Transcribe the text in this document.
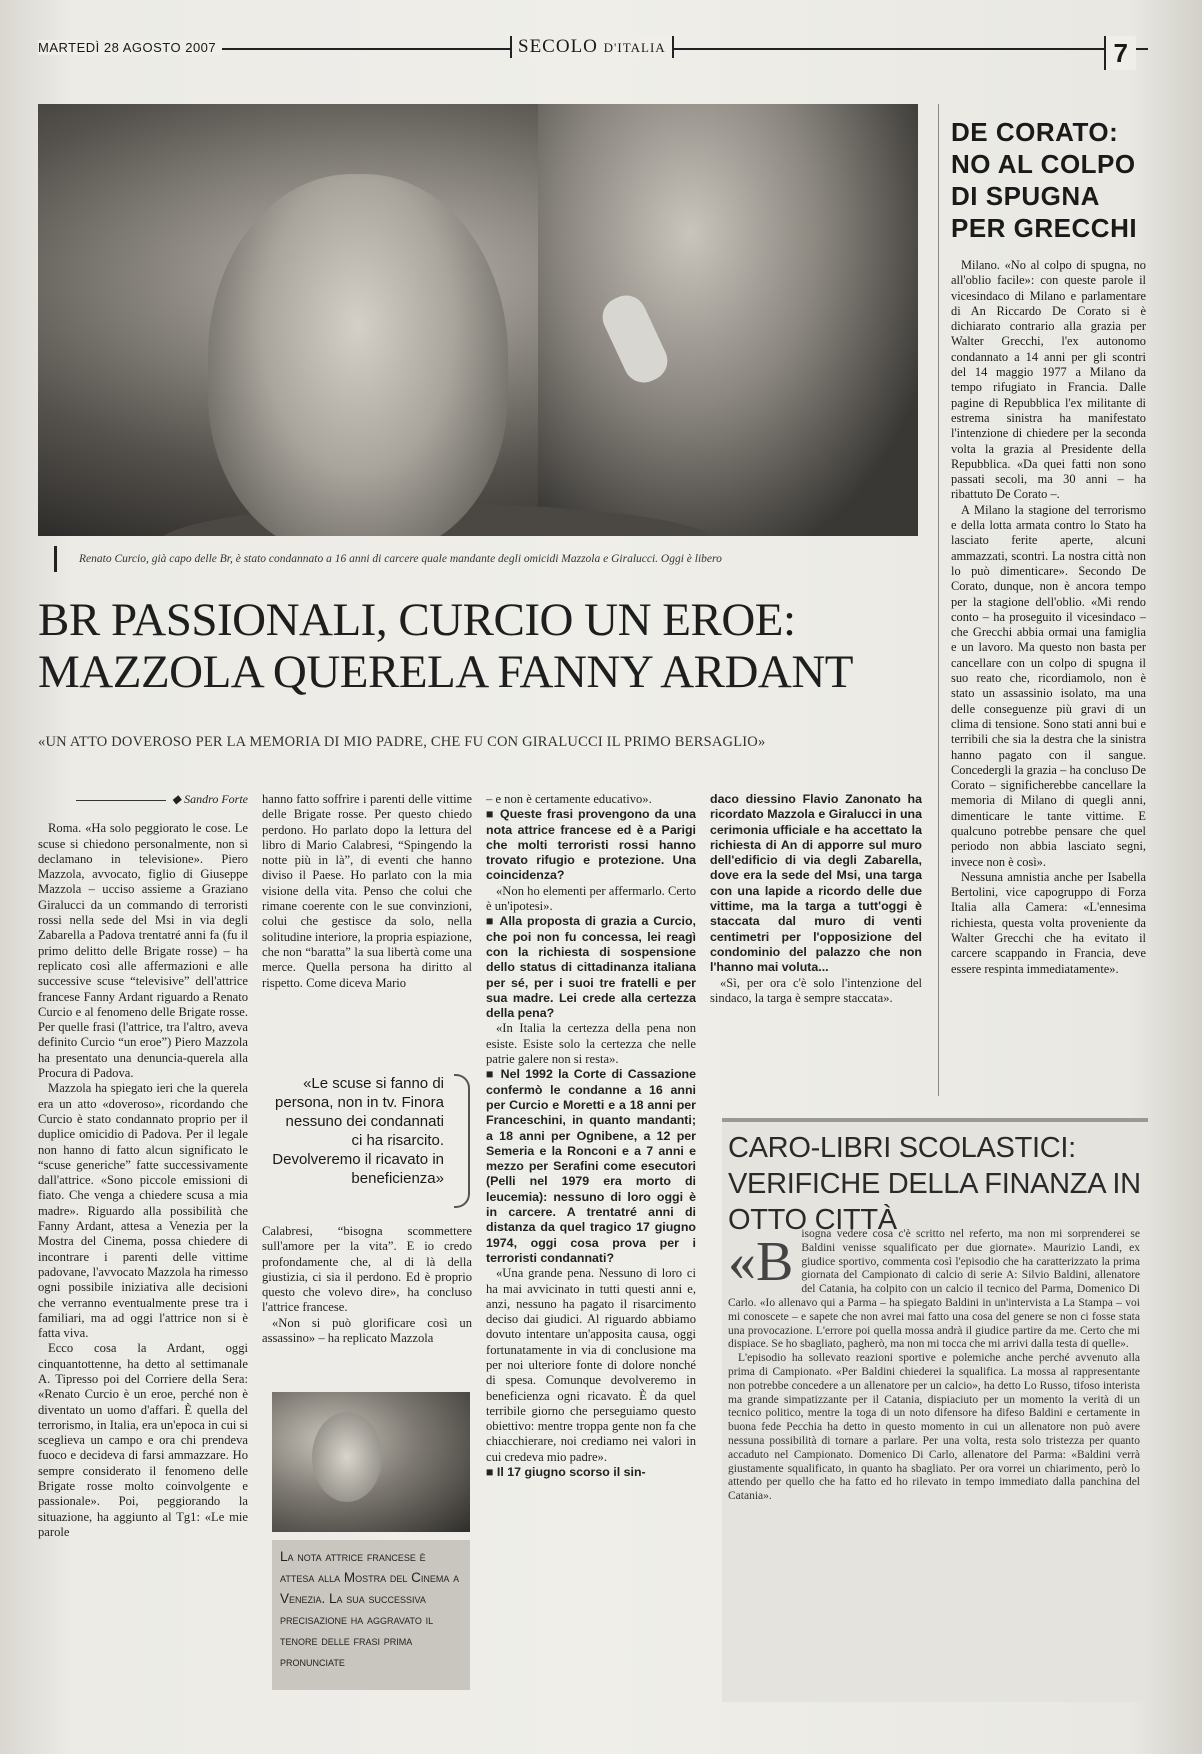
MARTEDÌ 28 AGOSTO 2007	SECOLO D'ITALIA	7
Renato Curcio, già capo delle Br, è stato condannato a 16 anni di carcere quale mandante degli omicidi Mazzola e Giralucci. Oggi è libero
BR PASSIONALI, CURCIO UN EROE:
MAZZOLA QUERELA FANNY ARDANT
«UN ATTO DOVEROSO PER LA MEMORIA DI MIO PADRE, CHE FU CON GIRALUCCI IL PRIMO BERSAGLIO»

◆ Sandro Forte

Roma. «Ha solo peggiorato le cose. Le scuse si chiedono personalmente, non si declamano in televisione». Piero Mazzola, avvocato, figlio di Giuseppe Mazzola – ucciso assieme a Graziano Giralucci da un commando di terroristi rossi nella sede del Msi in via degli Zabarella a Padova trentatré anni fa (fu il primo delitto delle Brigate rosse) – ha replicato così alle affermazioni e alle successive scuse “televisive” dell'attrice francese Fanny Ardant riguardo a Renato Curcio e al fenomeno delle Brigate rosse. Per quelle frasi (l'attrice, tra l'altro, aveva definito Curcio “un eroe”) Piero Mazzola ha presentato una denuncia-querela alla Procura di Padova.

Mazzola ha spiegato ieri che la querela era un atto «doveroso», ricordando che Curcio è stato condannato proprio per il duplice omicidio di Padova. Per il legale non hanno di fatto alcun significato le “scuse generiche” fatte successivamente dall'attrice. «Sono piccole emissioni di fiato. Che venga a chiedere scusa a mia madre». Riguardo alla possibilità che Fanny Ardant, attesa a Venezia per la Mostra del Cinema, possa chiedere di incontrare i parenti delle vittime padovane, l'avvocato Mazzola ha rimesso ogni possibile iniziativa alle decisioni che verranno eventualmente prese tra i familiari, ma ad oggi l'attrice non si è fatta viva.

Ecco cosa la Ardant, oggi cinquantottenne, ha detto al settimanale A. Tipresso poi del Corriere della Sera: «Renato Curcio è un eroe, perché non è diventato un uomo d'affari. È quella del terrorismo, in Italia, era un'epoca in cui si sceglieva un campo e ora chi prendeva fuoco e decideva di farsi ammazzare. Ho sempre considerato il fenomeno delle Brigate rosse molto coinvolgente e passionale». Poi, peggiorando la situazione, ha aggiunto al Tg1: «Le mie parole

hanno fatto soffrire i parenti delle vittime delle Brigate rosse. Per questo chiedo perdono. Ho parlato dopo la lettura del libro di Mario Calabresi, “Spingendo la notte più in là”, di eventi che hanno diviso il Paese. Ho parlato con la mia visione della vita. Penso che colui che rimane coerente con le sue convinzioni, colui che gestisce da solo, nella solitudine interiore, la propria espiazione, che non “baratta” la sua libertà come una merce. Quella persona ha diritto al rispetto. Come diceva Mario

«Le scuse si fanno di persona, non in tv. Finora nessuno dei condannati ci ha risarcito. Devolveremo il ricavato in beneficienza»

Calabresi, “bisogna scommettere sull'amore per la vita”. E io credo profondamente che, al di là della giustizia, ci sia il perdono. Ed è proprio questo che volevo dire», ha concluso l'attrice francese.

«Non si può glorificare così un assassino» – ha replicato Mazzola

La nota attrice francese è attesa alla Mostra del Cinema a Venezia. La sua successiva precisazione ha aggravato il tenore delle frasi prima pronunciate

– e non è certamente educativo».

■ Queste frasi provengono da una nota attrice francese ed è a Parigi che molti terroristi rossi hanno trovato rifugio e protezione. Una coincidenza?

«Non ho elementi per affermarlo. Certo è un'ipotesi».

■ Alla proposta di grazia a Curcio, che poi non fu concessa, lei reagì con la richiesta di sospensione dello status di cittadinanza italiana per sé, per i suoi tre fratelli e per sua madre. Lei crede alla certezza della pena?

«In Italia la certezza della pena non esiste. Esiste solo la certezza che nelle patrie galere non si resta».

■ Nel 1992 la Corte di Cassazione confermò le condanne a 16 anni per Curcio e Moretti e a 18 anni per Franceschini, in quanto mandanti; a 18 anni per Ognibene, a 12 per Semeria e la Ronconi e a 7 anni e mezzo per Serafini come esecutori (Pelli nel 1979 era morto di leucemia): nessuno di loro oggi è in carcere. A trentatré anni di distanza da quel tragico 17 giugno 1974, oggi cosa prova per i terroristi condannati?

«Una grande pena. Nessuno di loro ci ha mai avvicinato in tutti questi anni e, anzi, nessuno ha pagato il risarcimento deciso dai giudici. Al riguardo abbiamo dovuto intentare un'apposita causa, oggi fortunatamente in via di conclusione ma per noi ulteriore fonte di dolore nonché di spesa. Comunque devolveremo in beneficienza ogni ricavato. È da quel terribile giorno che perseguiamo questo obiettivo: mentre troppa gente non fa che chiacchierare, noi crediamo nei valori in cui credeva mio padre».

■ Il 17 giugno scorso il sin-

daco diessino Flavio Zanonato ha ricordato Mazzola e Giralucci in una cerimonia ufficiale e ha accettato la richiesta di An di apporre sul muro dell'edificio di via degli Zabarella, dove era la sede del Msi, una targa con una lapide a ricordo delle due vittime, ma la targa a tutt'oggi è staccata dal muro di venti centimetri per l'opposizione del condominio del palazzo che non l'hanno mai voluta...

«Sì, per ora c'è solo l'intenzione del sindaco, la targa è sempre staccata».

DE CORATO: NO AL COLPO DI SPUGNA PER GRECCHI

Milano. «No al colpo di spugna, no all'oblio facile»: con queste parole il vicesindaco di Milano e parlamentare di An Riccardo De Corato si è dichiarato contrario alla grazia per Walter Grecchi, l'ex autonomo condannato a 14 anni per gli scontri del 14 maggio 1977 a Milano da tempo rifugiato in Francia. Dalle pagine di Repubblica l'ex militante di estrema sinistra ha manifestato l'intenzione di chiedere per la seconda volta la grazia al Presidente della Repubblica. «Da quei fatti non sono passati secoli, ma 30 anni – ha ribattuto De Corato –.

A Milano la stagione del terrorismo e della lotta armata contro lo Stato ha lasciato ferite aperte, alcuni ammazzati, scontri. La nostra città non lo può dimenticare». Secondo De Corato, dunque, non è ancora tempo per la stagione dell'oblio. «Mi rendo conto – ha proseguito il vicesindaco – che Grecchi abbia ormai una famiglia e un lavoro. Ma questo non basta per cancellare con un colpo di spugna il suo reato che, ricordiamolo, non è stato un assassinio isolato, ma una delle conseguenze più gravi di un clima di tensione. Sono stati anni bui e terribili che sia la destra che la sinistra hanno pagato con il sangue. Concedergli la grazia – ha concluso De Corato – significherebbe cancellare la memoria di Milano di quegli anni, dimenticare le tante vittime. E qualcuno potrebbe pensare che quel periodo non abbia lasciato segni, invece non è così».

Nessuna amnistia anche per Isabella Bertolini, vice capogruppo di Forza Italia alla Camera: «L'ennesima richiesta, questa volta proveniente da Walter Grecchi che ha evitato il carcere scappando in Francia, deve essere respinta immediatamente».

CARO-LIBRI SCOLASTICI: VERIFICHE DELLA FINANZA IN OTTO CITTÀ
«B isogna vedere cosa c'è scritto nel referto, ma non mi sorprenderei se Baldini venisse squalificato per due giornate». Maurizio Landi, ex giudice sportivo, commenta così l'episodio che ha caratterizzato la prima giornata del Campionato di calcio di serie A: Silvio Baldini, allenatore del Catania, ha colpito con un calcio il tecnico del Parma, Domenico Di Carlo. «Io allenavo qui a Parma – ha spiegato Baldini in un'intervista a La Stampa – voi mi conoscete – e sapete che non avrei mai fatto una cosa del genere se non ci fosse stata una provocazione. L'errore poi quella mossa andrà il giudice partire da me. Certo che mi dispiace. Se ho sbagliato, pagherò, ma non mi tocca che mi arrivi dalla testa di quelle».

L'episodio ha sollevato reazioni sportive e polemiche anche perché avvenuto alla prima di Campionato. «Per Baldini chiederei la squalifica. La mossa al rappresentante non potrebbe concedere a un allenatore per un calcio», ha detto Lo Russo, tifoso interista ma grande simpatizzante per il Catania, dispiaciuto per un momento la verità di un tecnico politico, mentre la toga di un noto difensore ha difeso Baldini e certamente in buona fede Pecchia ha detto in questo momento in cui un allenatore non può avere nessuna possibilità di tornare a parlare. Per una volta, resta solo tristezza per quanto accaduto nel Campionato. Domenico Di Carlo, allenatore del Parma: «Baldini verrà giustamente squalificato, in quanto ha sbagliato. Per ora vorrei un chiarimento, però lo attendo per quello che ha fatto ed ho rilevato in tempo immediato dalla panchina del Catania».
